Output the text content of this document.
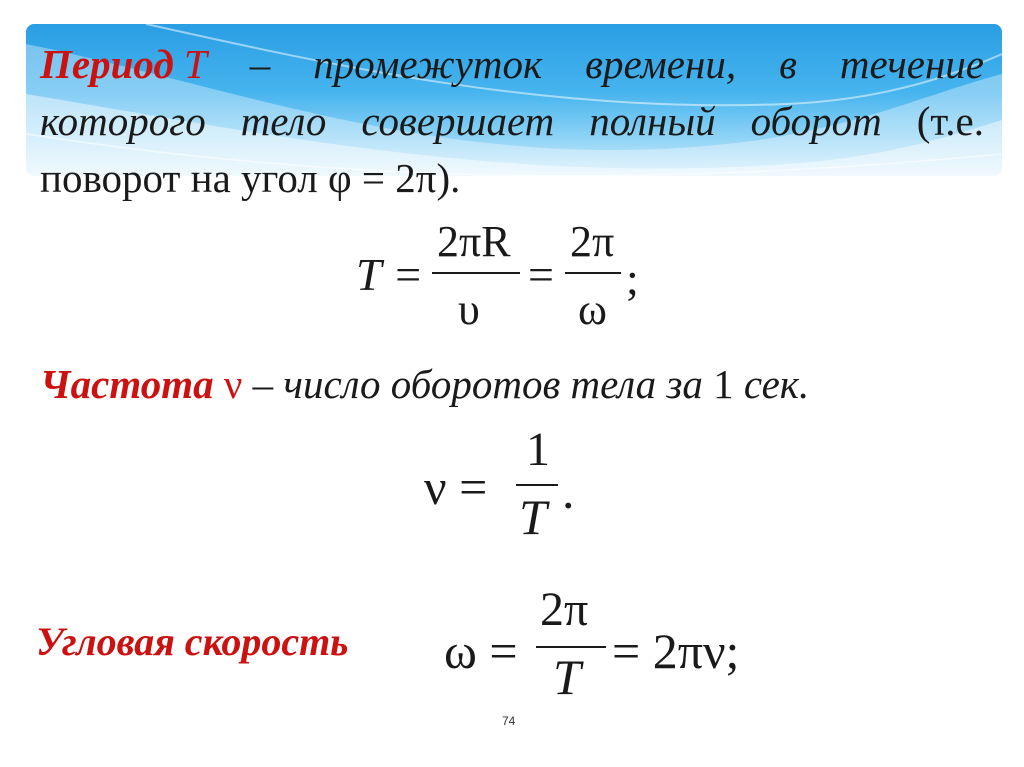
Период T – промежуток времени, в течение
которого тело совершает полный оборот (т.е.
поворот на угол φ = 2π).
T =
2πR
υ
=
2π
ω
;
Частота ν – число оборотов тела за 1 сек.
ν =
1
T .
Угловая скорость ω =
2π
T = 2πν;
74
